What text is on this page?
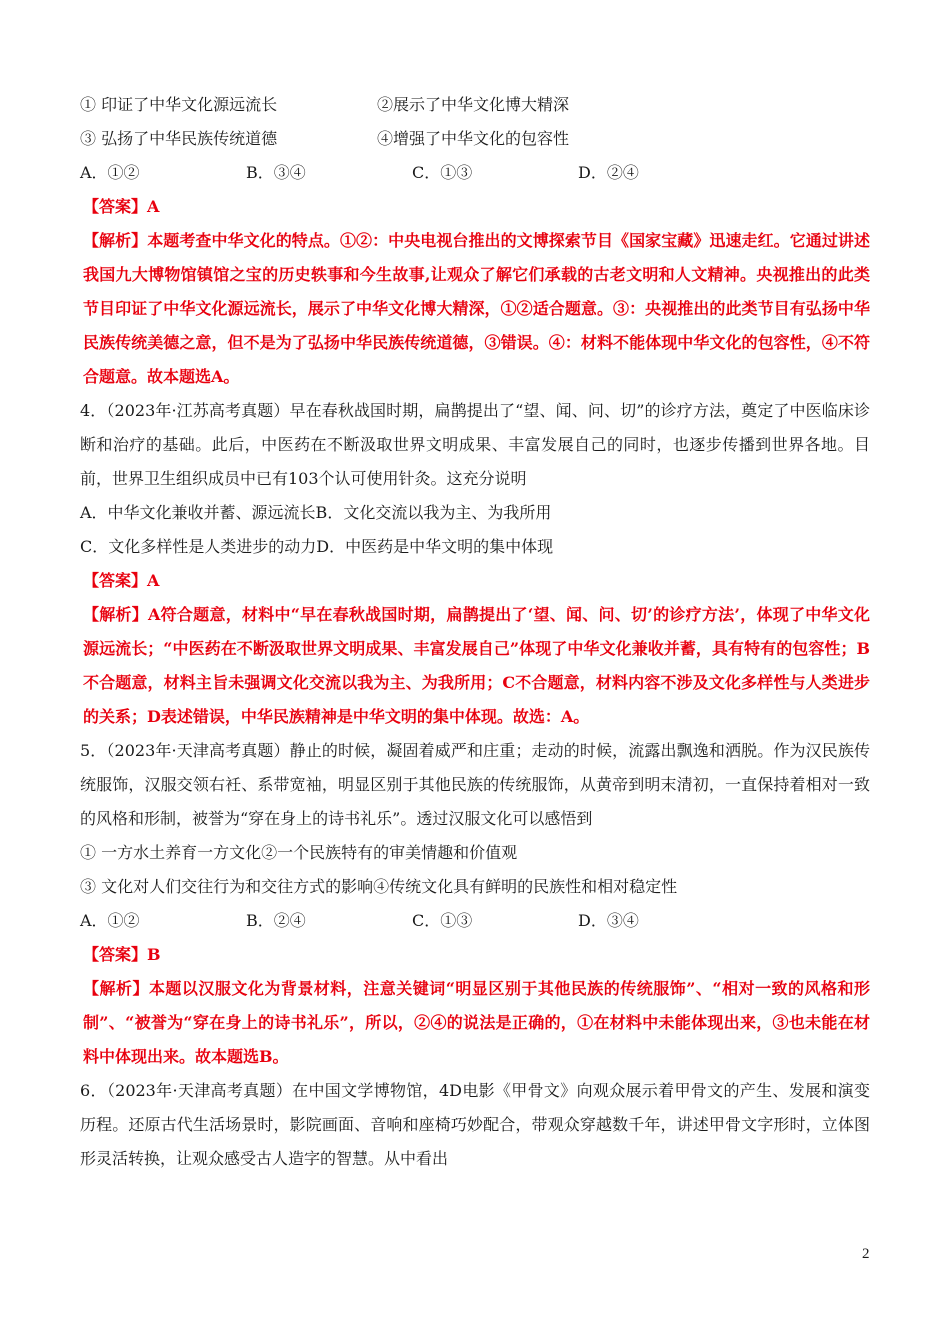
① 印证了中华文化源远流长	②展示了中华文化博大精深
③ 弘扬了中华民族传统道德	④增强了中华文化的包容性
A．①②	B．③④	C．①③	D．②④
【答案】A
【解析】本题考查中华文化的特点。①②：中央电视台推出的文博探索节目《国家宝藏》迅速走红。它通过讲述我国九大博物馆镇馆之宝的历史轶事和今生故事,让观众了解它们承载的古老文明和人文精神。央视推出的此类节目印证了中华文化源远流长，展示了中华文化博大精深，①②适合题意。③：央视推出的此类节目有弘扬中华民族传统美德之意，但不是为了弘扬中华民族传统道德，③错误。④：材料不能体现中华文化的包容性，④不符合题意。故本题选A。
4．（2023年·江苏高考真题）早在春秋战国时期，扁鹊提出了“望、闻、问、切”的诊疗方法，奠定了中医临床诊断和治疗的基础。此后，中医药在不断汲取世界文明成果、丰富发展自己的同时，也逐步传播到世界各地。目前，世界卫生组织成员中已有103个认可使用针灸。这充分说明
A．中华文化兼收并蓄、源远流长B．文化交流以我为主、为我所用
C．文化多样性是人类进步的动力D．中医药是中华文明的集中体现
【答案】A
【解析】A符合题意，材料中“早在春秋战国时期，扁鹊提出了‘望、闻、问、切’的诊疗方法’，体现了中华文化源远流长；“中医药在不断汲取世界文明成果、丰富发展自己”体现了中华文化兼收并蓄，具有特有的包容性；B不合题意，材料主旨未强调文化交流以我为主、为我所用；C不合题意，材料内容不涉及文化多样性与人类进步的关系；D表述错误，中华民族精神是中华文明的集中体现。故选：A。
5．（2023年·天津高考真题）静止的时候，凝固着威严和庄重；走动的时候，流露出飘逸和洒脱。作为汉民族传统服饰，汉服交领右衽、系带宽袖，明显区别于其他民族的传统服饰，从黄帝到明末清初，一直保持着相对一致的风格和形制，被誉为“穿在身上的诗书礼乐”。透过汉服文化可以感悟到
① 一方水土养育一方文化②一个民族特有的审美情趣和价值观
③ 文化对人们交往行为和交往方式的影响④传统文化具有鲜明的民族性和相对稳定性
A．①②	B．②④	C．①③	D．③④
【答案】B
【解析】本题以汉服文化为背景材料，注意关键词“明显区别于其他民族的传统服饰”、“相对一致的风格和形制”、“被誉为“穿在身上的诗书礼乐”，所以，②④的说法是正确的，①在材料中未能体现出来，③也未能在材料中体现出来。故本题选B。
6．（2023年·天津高考真题）在中国文学博物馆，4D电影《甲骨文》向观众展示着甲骨文的产生、发展和演变历程。还原古代生活场景时，影院画面、音响和座椅巧妙配合，带观众穿越数千年，讲述甲骨文字形时，立体图形灵活转换，让观众感受古人造字的智慧。从中看出
2
